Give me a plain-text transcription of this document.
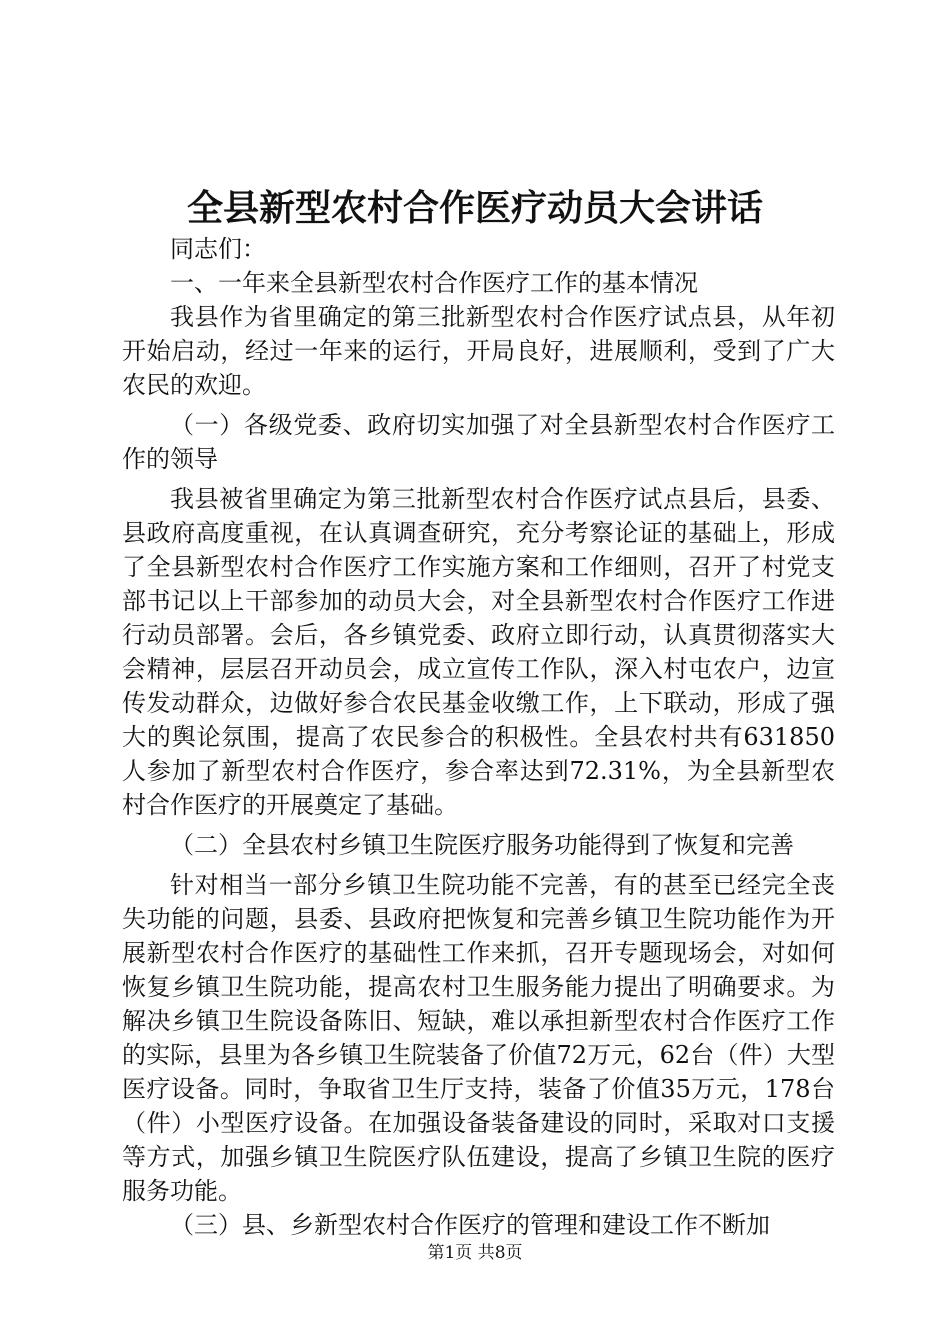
全县新型农村合作医疗动员大会讲话

同志们：

一、一年来全县新型农村合作医疗工作的基本情况

我县作为省里确定的第三批新型农村合作医疗试点县，从年初开始启动，经过一年来的运行，开局良好，进展顺利，受到了广大农民的欢迎。

（一）各级党委、政府切实加强了对全县新型农村合作医疗工作的领导

我县被省里确定为第三批新型农村合作医疗试点县后，县委、县政府高度重视，在认真调查研究，充分考察论证的基础上，形成了全县新型农村合作医疗工作实施方案和工作细则，召开了村党支部书记以上干部参加的动员大会，对全县新型农村合作医疗工作进行动员部署。会后，各乡镇党委、政府立即行动，认真贯彻落实大会精神，层层召开动员会，成立宣传工作队，深入村屯农户，边宣传发动群众，边做好参合农民基金收缴工作，上下联动，形成了强大的舆论氛围，提高了农民参合的积极性。全县农村共有631850人参加了新型农村合作医疗，参合率达到72.31%，为全县新型农村合作医疗的开展奠定了基础。

（二）全县农村乡镇卫生院医疗服务功能得到了恢复和完善

针对相当一部分乡镇卫生院功能不完善，有的甚至已经完全丧失功能的问题，县委、县政府把恢复和完善乡镇卫生院功能作为开展新型农村合作医疗的基础性工作来抓，召开专题现场会，对如何恢复乡镇卫生院功能，提高农村卫生服务能力提出了明确要求。为解决乡镇卫生院设备陈旧、短缺，难以承担新型农村合作医疗工作的实际，县里为各乡镇卫生院装备了价值72万元，62台（件）大型医疗设备。同时，争取省卫生厅支持，装备了价值35万元，178台（件）小型医疗设备。在加强设备装备建设的同时，采取对口支援等方式，加强乡镇卫生院医疗队伍建设，提高了乡镇卫生院的医疗服务功能。

（三）县、乡新型农村合作医疗的管理和建设工作不断加

第1页 共8页
